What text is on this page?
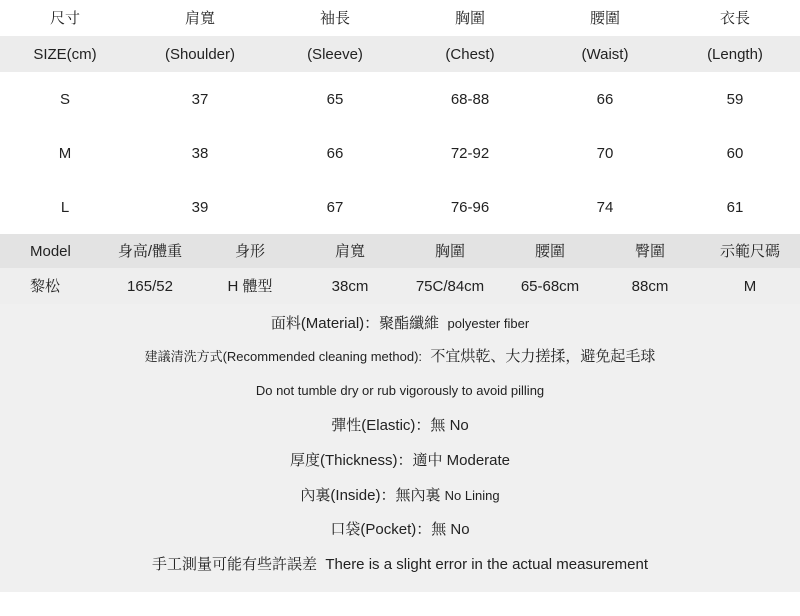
尺寸	肩寬	袖長	胸圍	腰圍	衣長
SIZE(cm)	(Shoulder)	(Sleeve)	(Chest)	(Waist)	(Length)
S	37	65	68-88	66	59
M	38	66	72-92	70	60
L	39	67	76-96	74	61
Model	身高/體重	身形	肩寬	胸圍	腰圍	臀圍	示範尺碼
黎松	165/52	H 體型	38cm	75C/84cm	65-68cm	88cm	M
面料(Material)：聚酯纖維 polyester fiber
建議清洗方式(Recommended cleaning method): 不宜烘乾、大力搓揉，避免起毛球
Do not tumble dry or rub vigorously to avoid pilling
彈性(Elastic)：無 No
厚度(Thickness)：適中 Moderate
內裏(Inside)：無內裏 No Lining
口袋(Pocket)：無 No
手工測量可能有些許誤差 There is a slight error in the actual measurement
